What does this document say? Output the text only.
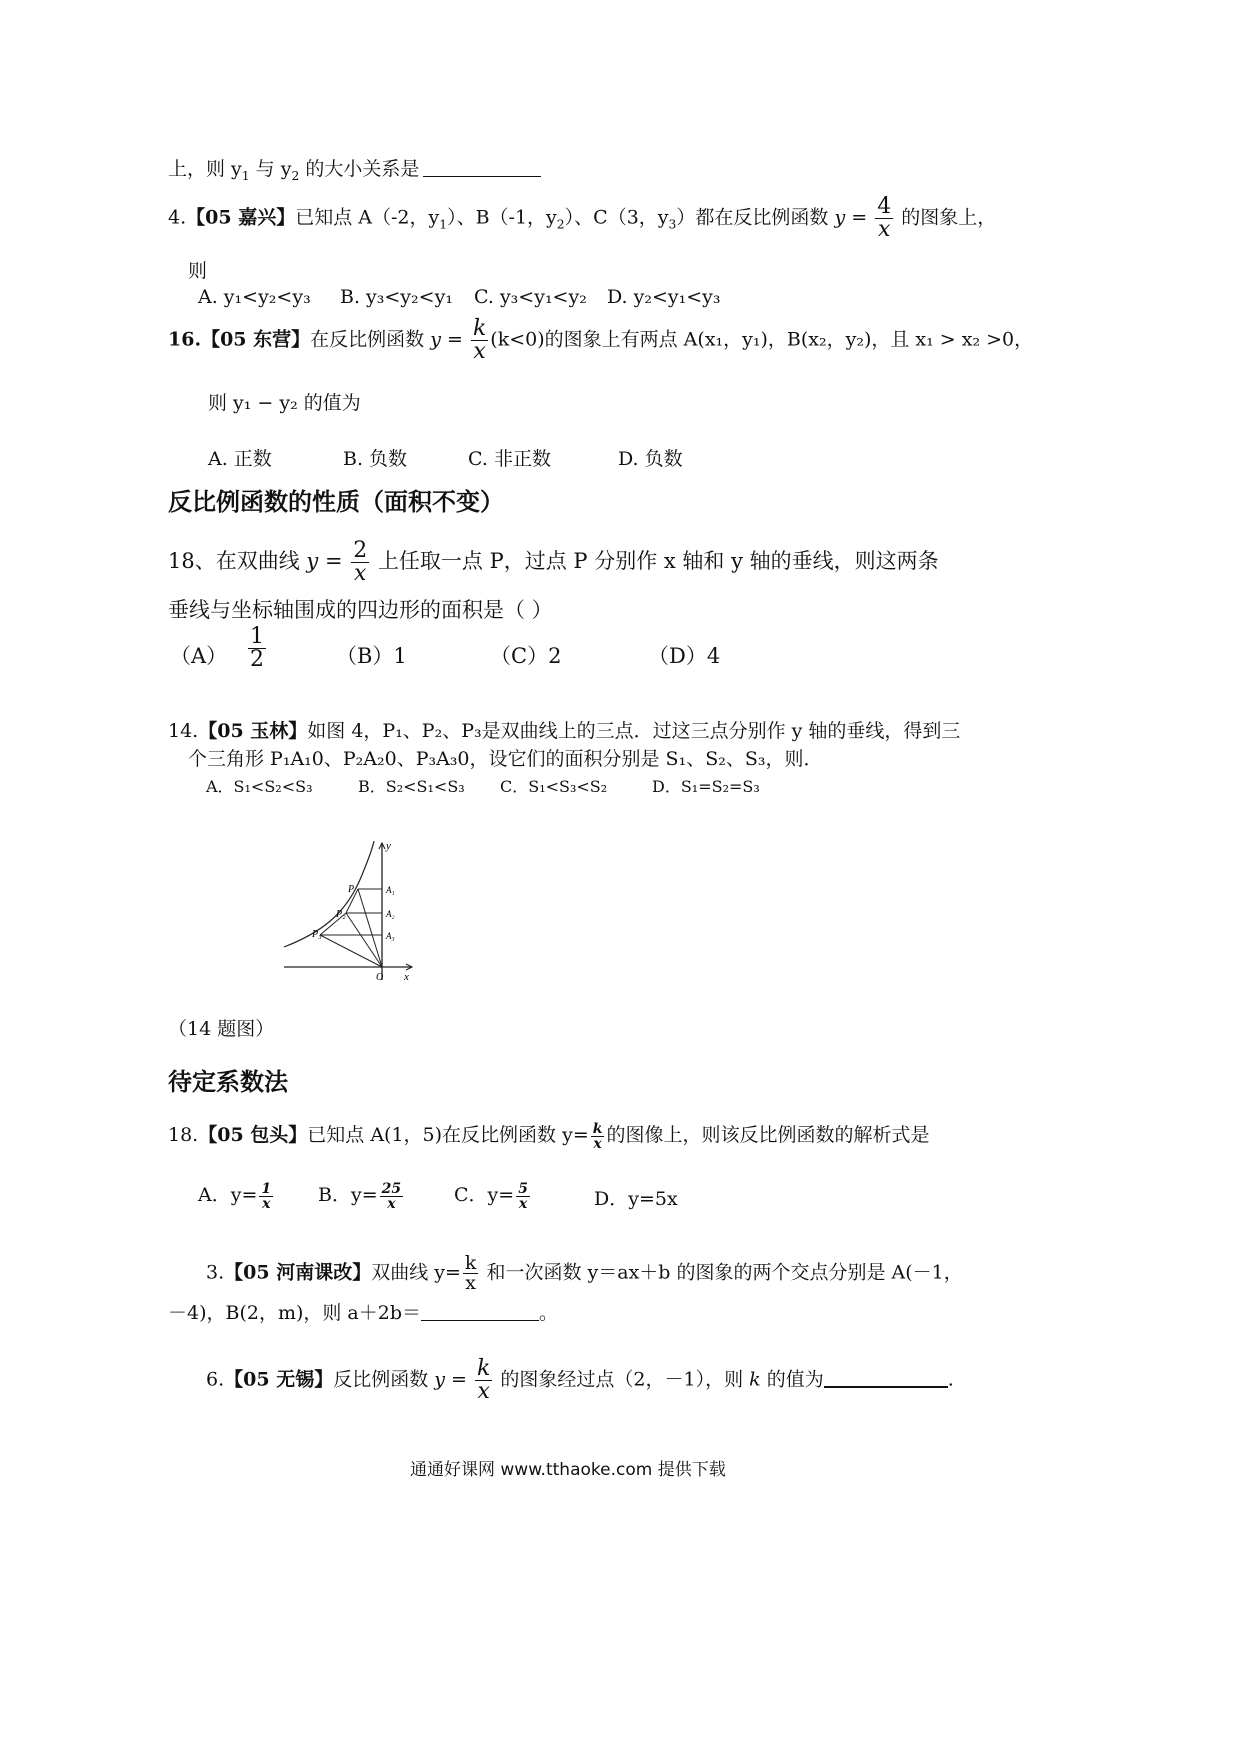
上，则 $y_1$ 与 $y_2$ 的大小关系是
4.【05 嘉兴】已知点 A（-2，$y_1$）、B（-1，$y_2$）、C（3，$y_3$）都在反比例函数 $y = \frac{4}{x}$ 的图象上，
则
A. y₁<y₂<y₃ B. y₃<y₂<y₁ C. y₃<y₁<y₂ D. y₂<y₁<y₃
16.【05 东营】在反比例函数 $y = \frac{k}{x} (k<0)$的图象上有两点 A(x₁，y₁)，B(x₂，y₂)，且 x₁ > x₂ >0，
则 y₁ − y₂ 的值为
A. 正数	B. 负数	C. 非正数	D. 负数
反比例函数的性质（面积不变）
18、在双曲线 $y = \frac{2}{x}$ 上任取一点 P，过点 P 分别作 x 轴和 y 轴的垂线，则这两条
垂线与坐标轴围成的四边形的面积是（ ）
$(A) \frac{1}{2}$	（B）1	（C）2	（D）4
14.【05 玉林】如图 4，P₁、P₂、P₃是双曲线上的三点．过这三点分别作 y 轴的垂线，得到三
个三角形 P₁A₁0、P₂A₂0、P₃A₃0，设它们的面积分别是 S₁、S₂、S₃，则．
A．S₁<S₂<S₃	B．S₂<S₁<S₃ C．S₁<S₃<S₂	D．S₁=S₂=S₃
y
x
O
P
P₂
P₃
A₁
A₂
A₃
（14 题图）
待定系数法
18.【05 包头】已知点 A(1，5)在反比例函数 $y= \frac{k}{x}$ 的图像上，则该反比例函数的解析式是
A．$y= \frac{1}{x}$ B．$y= \frac{25}{x}$	C．$y= \frac{5}{x}$	D．y=5x
3.【05 河南课改】双曲线 $y= \frac{k}{x}$ 和一次函数 y＝ax＋b 的图象的两个交点分别是 A(－1，
－4)，B(2，m)，则 a＋2b＝	。
6.【05 无锡】反比例函数 $y = \frac{k}{x}$ 的图象经过点（2，－1），则 k 的值为	.
通通好课网 www.tthaoke.com 提供下载
